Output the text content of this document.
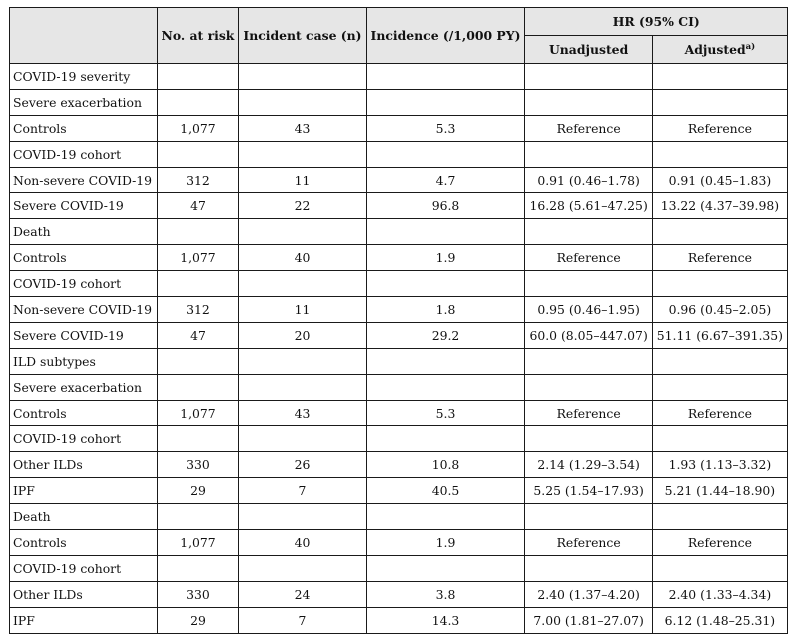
	No. at risk	Incident case (n)	Incidence (/1,000 PY)	HR (95% CI)	
				Unadjusted	Adjusted$^{a)}$
COVID-19 severity					
Severe exacerbation					
Controls	1,077	43	5.3	Reference	Reference
COVID-19 cohort					
Non-severe COVID-19	312	11	4.7	0.91 (0.46–1.78)	0.91 (0.45–1.83)
Severe COVID-19	47	22	96.8	16.28 (5.61–47.25)	13.22 (4.37–39.98)
Death					
Controls	1,077	40	1.9	Reference	Reference
COVID-19 cohort					
Non-severe COVID-19	312	11	1.8	0.95 (0.46–1.95)	0.96 (0.45–2.05)
Severe COVID-19	47	20	29.2	60.0 (8.05–447.07)	51.11 (6.67–391.35)
ILD subtypes					
Severe exacerbation					
Controls	1,077	43	5.3	Reference	Reference
COVID-19 cohort					
Other ILDs	330	26	10.8	2.14 (1.29–3.54)	1.93 (1.13–3.32)
IPF	29	7	40.5	5.25 (1.54–17.93)	5.21 (1.44–18.90)
Death					
Controls	1,077	40	1.9	Reference	Reference
COVID-19 cohort					
Other ILDs	330	24	3.8	2.40 (1.37–4.20)	2.40 (1.33–4.34)
IPF	29	7	14.3	7.00 (1.81–27.07)	6.12 (1.48–25.31)
